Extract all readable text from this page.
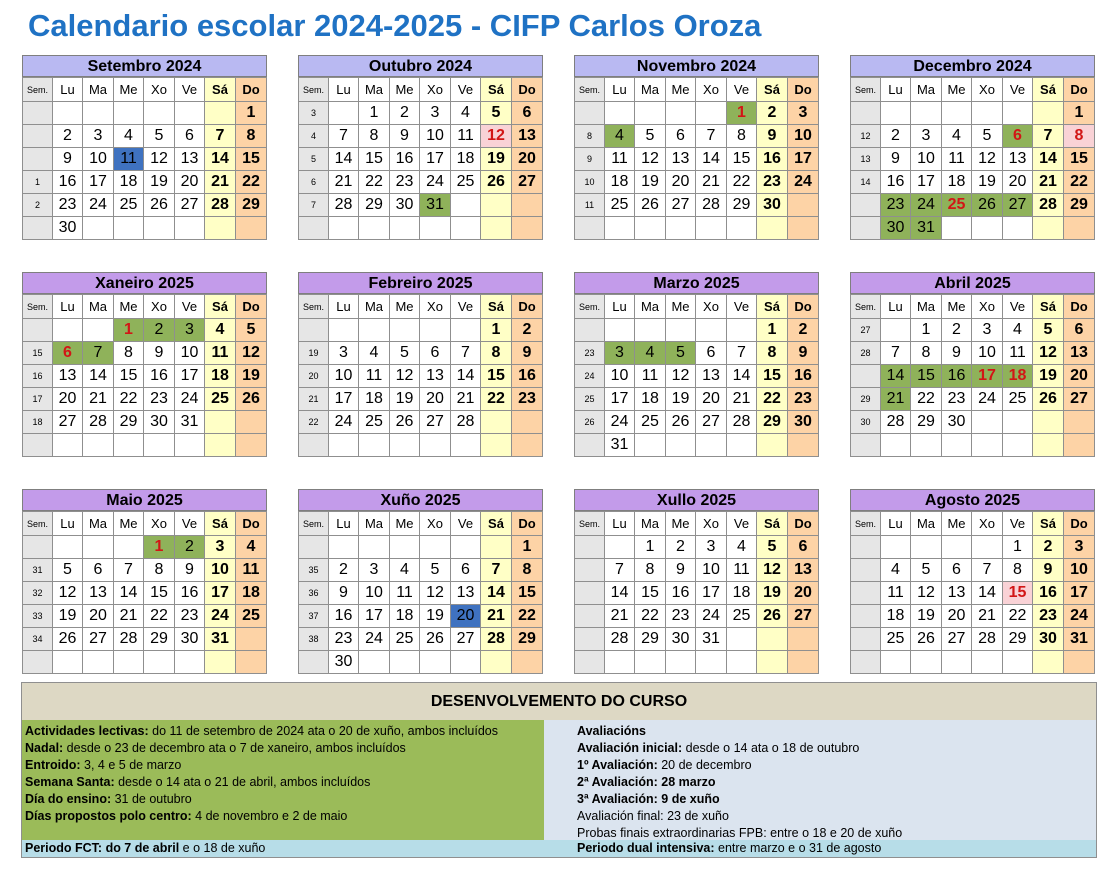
Calendario escolar 2024-2025 - CIFP Carlos Oroza
Setembro 2024
Sem.	Lu	Ma	Me	Xo	Ve	Sá	Do
							1
	2	3	4	5	6	7	8
	9	10	11	12	13	14	15
1	16	17	18	19	20	21	22
2	23	24	25	26	27	28	29
	30						
Outubro 2024
Sem.	Lu	Ma	Me	Xo	Ve	Sá	Do
3		1	2	3	4	5	6
4	7	8	9	10	11	12	13
5	14	15	16	17	18	19	20
6	21	22	23	24	25	26	27
7	28	29	30	31			

Novembro 2024
Sem.	Lu	Ma	Me	Xo	Ve	Sá	Do
					1	2	3
8	4	5	6	7	8	9	10
9	11	12	13	14	15	16	17
10	18	19	20	21	22	23	24
11	25	26	27	28	29	30	

Decembro 2024
Sem.	Lu	Ma	Me	Xo	Ve	Sá	Do
							1
12	2	3	4	5	6	7	8
13	9	10	11	12	13	14	15
14	16	17	18	19	20	21	22
	23	24	25	26	27	28	29
	30	31					
Xaneiro 2025
Sem.	Lu	Ma	Me	Xo	Ve	Sá	Do
			1	2	3	4	5
15	6	7	8	9	10	11	12
16	13	14	15	16	17	18	19
17	20	21	22	23	24	25	26
18	27	28	29	30	31		

Febreiro 2025
Sem.	Lu	Ma	Me	Xo	Ve	Sá	Do
						1	2
19	3	4	5	6	7	8	9
20	10	11	12	13	14	15	16
21	17	18	19	20	21	22	23
22	24	25	26	27	28		

Marzo 2025
Sem.	Lu	Ma	Me	Xo	Ve	Sá	Do
						1	2
23	3	4	5	6	7	8	9
24	10	11	12	13	14	15	16
25	17	18	19	20	21	22	23
26	24	25	26	27	28	29	30
	31						
Abril 2025
Sem.	Lu	Ma	Me	Xo	Ve	Sá	Do
27		1	2	3	4	5	6
28	7	8	9	10	11	12	13
	14	15	16	17	18	19	20
29	21	22	23	24	25	26	27
30	28	29	30				

Maio 2025
Sem.	Lu	Ma	Me	Xo	Ve	Sá	Do
				1	2	3	4
31	5	6	7	8	9	10	11
32	12	13	14	15	16	17	18
33	19	20	21	22	23	24	25
34	26	27	28	29	30	31	

Xuño 2025
Sem.	Lu	Ma	Me	Xo	Ve	Sá	Do
							1
35	2	3	4	5	6	7	8
36	9	10	11	12	13	14	15
37	16	17	18	19	20	21	22
38	23	24	25	26	27	28	29
	30						
Xullo 2025
Sem.	Lu	Ma	Me	Xo	Ve	Sá	Do
		1	2	3	4	5	6
	7	8	9	10	11	12	13
	14	15	16	17	18	19	20
	21	22	23	24	25	26	27
	28	29	30	31			

Agosto 2025
Sem.	Lu	Ma	Me	Xo	Ve	Sá	Do
					1	2	3
	4	5	6	7	8	9	10
	11	12	13	14	15	16	17
	18	19	20	21	22	23	24
	25	26	27	28	29	30	31

DESENVOLVEMENTO DO CURSO
Actividades lectivas: do 11 de setembro de 2024 ata o 20 de xuño, ambos incluídos
Nadal: desde o 23 de decembro ata o 7 de xaneiro, ambos incluídos
Entroido: 3, 4 e 5 de marzo
Semana Santa: desde o 14 ata o 21 de abril, ambos incluídos
Día do ensino: 31 de outubro
Días propostos polo centro: 4 de novembro e 2 de maio
Avaliacións
Avaliación inicial: desde o 14 ata o 18 de outubro
1º Avaliación: 20 de decembro
2ª Avaliación: 28 marzo
3ª Avaliación: 9 de xuño
Avaliación final: 23 de xuño
Probas finais extraordinarias FPB: entre o 18 e 20 de xuño
Periodo FCT: do 7 de abril e o 18 de xuño	Periodo dual intensiva: entre marzo e o 31 de agosto
